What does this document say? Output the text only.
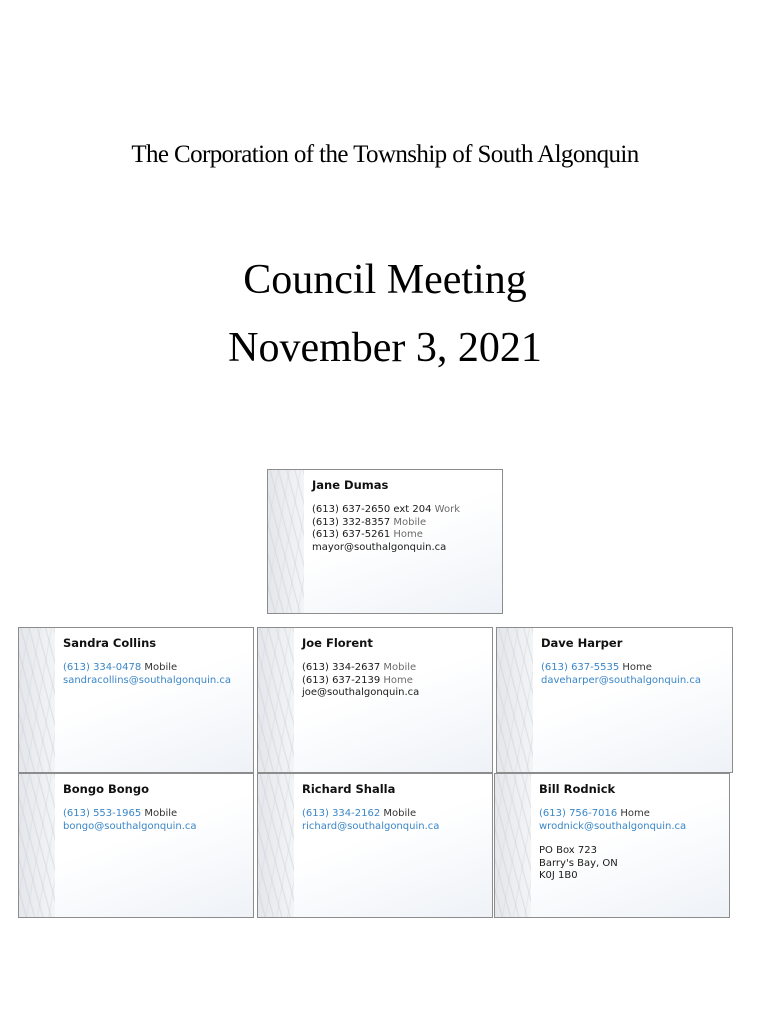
The Corporation of the Township of South Algonquin
Council Meeting
November 3, 2021
Jane Dumas
(613) 637-2650 ext 204 Work
(613) 332-8357 Mobile
(613) 637-5261 Home
mayor@southalgonquin.ca
Sandra Collins
(613) 334-0478 Mobile
sandracollins@southalgonquin.ca
Joe Florent
(613) 334-2637 Mobile
(613) 637-2139 Home
joe@southalgonquin.ca
Dave Harper
(613) 637-5535 Home
daveharper@southalgonquin.ca
Bongo Bongo
(613) 553-1965 Mobile
bongo@southalgonquin.ca
Richard Shalla
(613) 334-2162 Mobile
richard@southalgonquin.ca
Bill Rodnick
(613) 756-7016 Home
wrodnick@southalgonquin.ca
PO Box 723
Barry's Bay, ON
K0J 1B0
